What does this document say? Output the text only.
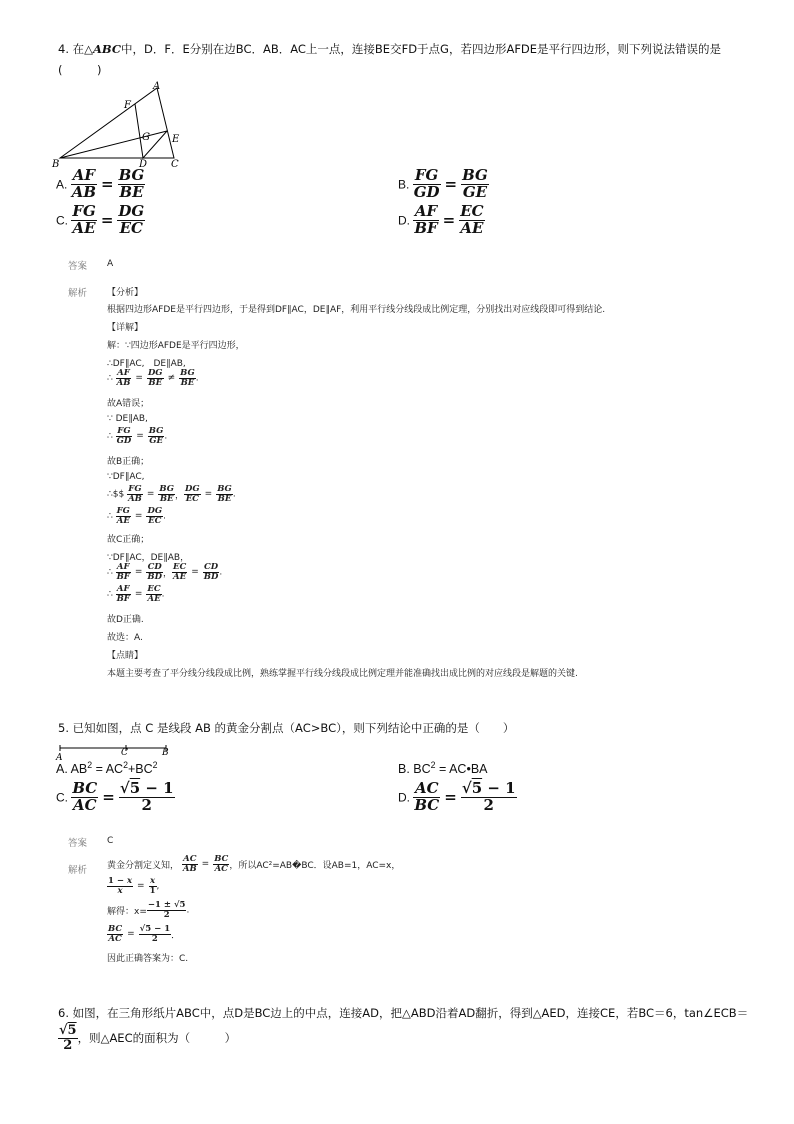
4. 在△ABC中，D．F．E分别在边BC．AB．AC上一点，连接BE交FD于点G，若四边形AFDE是平行四边形，则下列说法错误的是
(　　　)
A
B	C
D
E
F
G
A. $\frac{AF}{AB} = \frac{BG}{BE}$	B. $\frac{FG}{GD} = \frac{BG}{GE}$
C. $\frac{FG}{AE} = \frac{DG}{EC}$	D. $\frac{AF}{BF} = \frac{EC}{AE}$
答案 A
解析 【分析】
根据四边形AFDE是平行四边形，于是得到DF∥AC，DE∥AF，利用平行线分线段成比例定理，分别找出对应线段即可得到结论.
【详解】
解：∵四边形AFDE是平行四边形，
∴DF∥AC,　DE∥AB,
∴ $\frac{AF}{AB} = \frac{DG}{BE} \ne \frac{BG}{BE}$ .
故A错误；
∵ DE∥AB,
∴ $\frac{FG}{GD} = \frac{BG}{GE}$ .
故B正确；
∵DF∥AC,
∴$$ $\frac{FG}{AB} = \frac{BG}{BE}$ ， $\frac{DG}{EC} = \frac{BG}{BE}$ .
∴ $\frac{FG}{AE} = \frac{DG}{EC}$ .
故C正确；
∵DF∥AC，DE∥AB，
∴ $\frac{AF}{BF} = \frac{CD}{BD}$ ， $\frac{EC}{AE} = \frac{CD}{BD}$ .
∴ $\frac{AF}{BF} = \frac{EC}{AE}$ .
故D正确.
故选：A.
【点睛】
本题主要考查了平分线分线段成比例，熟练掌握平行线分线段成比例定理并能准确找出成比例的对应线段是解题的关键.
5. 已知如图，点 C 是线段 AB 的黄金分割点（AC>BC），则下列结论中正确的是（　　）
A	C	B
A. $AB^2 = AC^2+BC^2$	B. $BC^2$ = AC•BA
C. $\frac{BC}{AC} = \frac{√5 - 1}{2}$	D. $\frac{AC}{BC} = \frac{√5 - 1}{2}$
答案 C
解析 黄金分割定义知， $\frac{AC}{AB} = \frac{BC}{AC}$ ，所以AC²=AB�BC．设AB=1，AC=x，
$\frac{1 - x}{x} = \frac{x}{1}$ ,
解得：$x= \frac{-1 \pm √5}{2}$ .
$\frac{BC}{AC} = \frac{√5 - 1}{2}$ ．
因此正确答案为：C.
6. 如图，在三角形纸片ABC中，点D是BC边上的中点，连接AD，把△ABD沿着AD翻折，得到△AED，连接CE，若BC＝6，tan∠ECB＝
$\frac{√5}{2}$ ，则△AEC的面积为（　　　）
